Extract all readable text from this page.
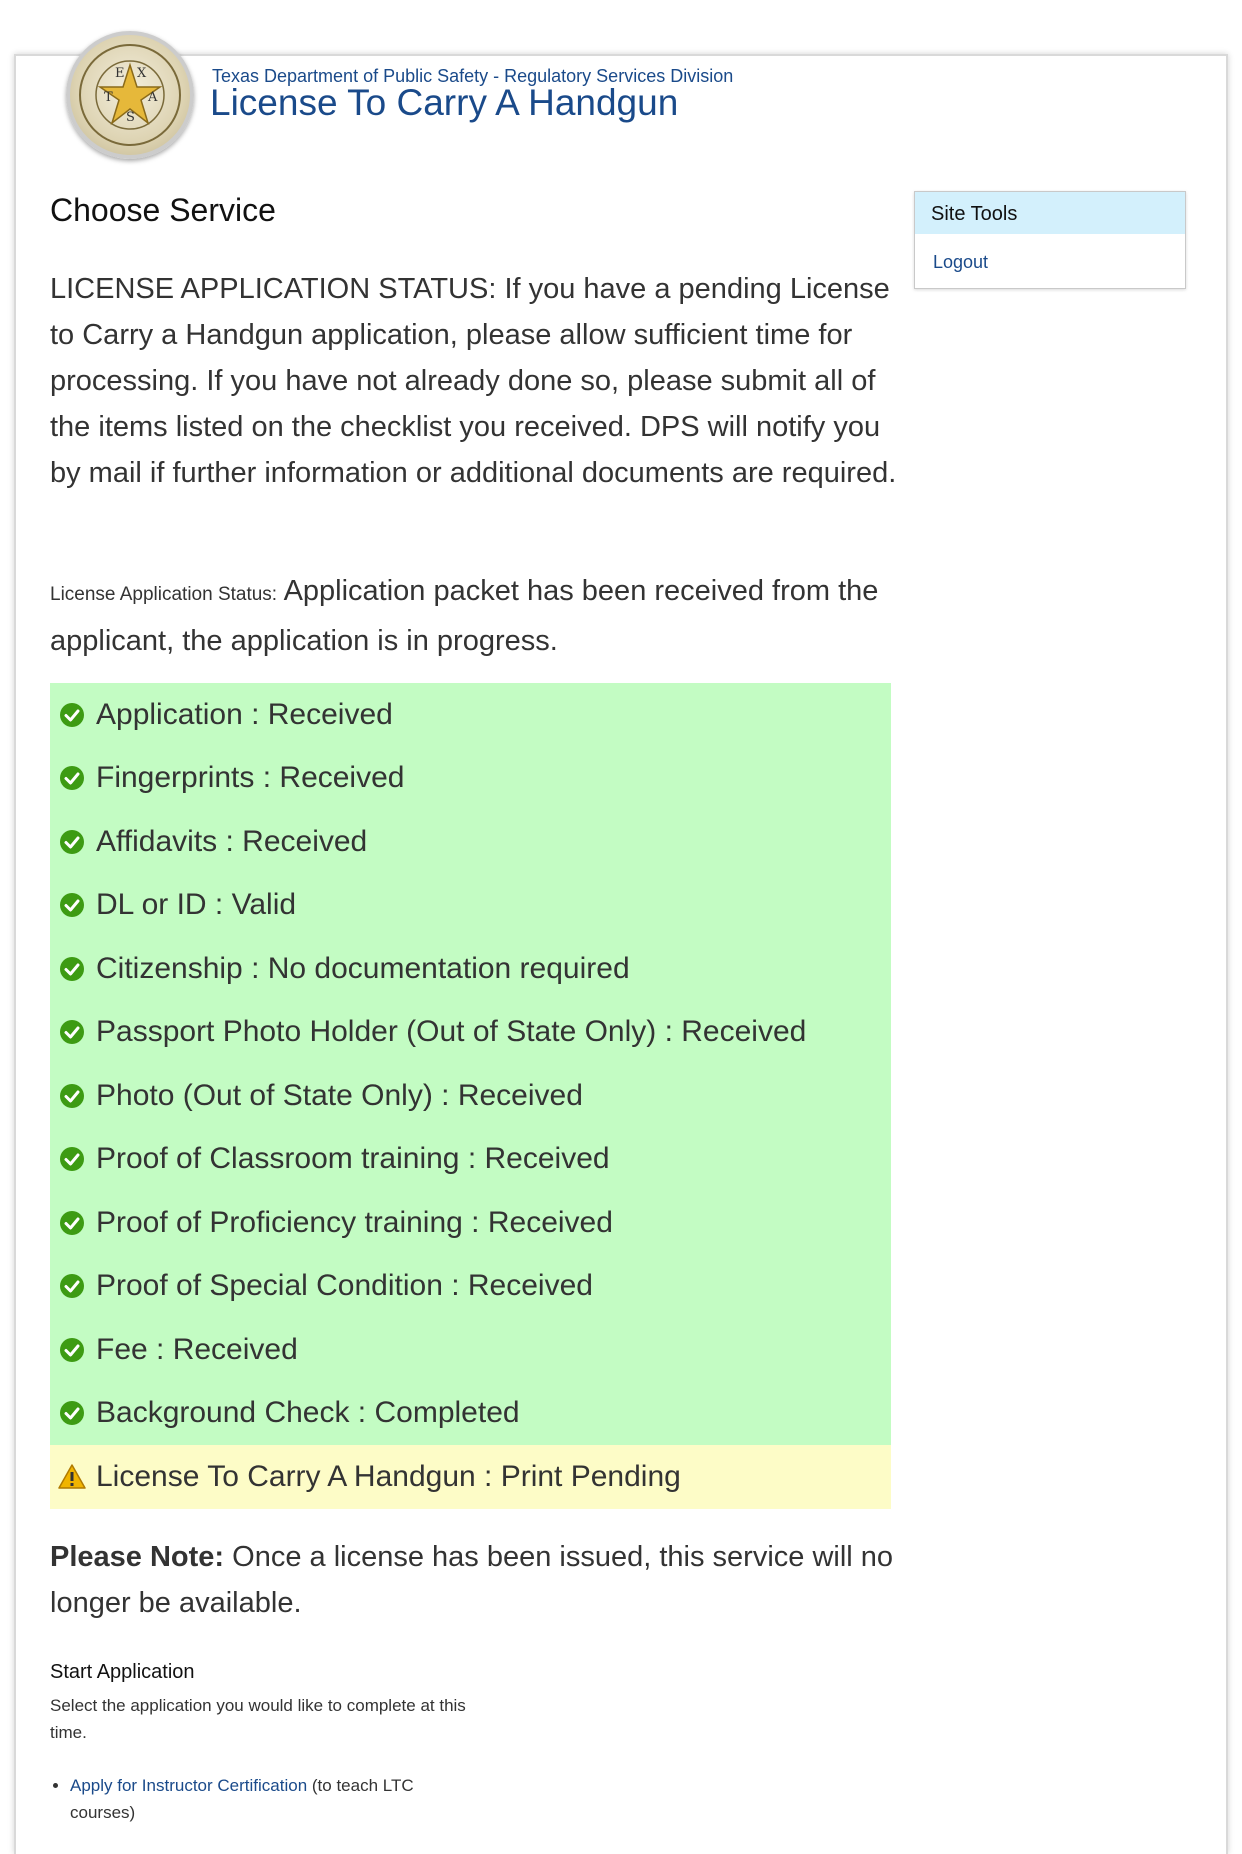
E X
T	A
S
Texas Department of Public Safety - Regulatory Services Division
License To Carry A Handgun
Choose Service
LICENSE APPLICATION STATUS: If you have a pending License to Carry a Handgun application, please allow sufficient time for processing. If you have not already done so, please submit all of the items listed on the checklist you received. DPS will notify you by mail if further information or additional documents are required.
License Application Status: Application packet has been received from the applicant, the application is in progress.
Application : Received
Fingerprints : Received
Affidavits : Received
DL or ID : Valid
Citizenship : No documentation required
Passport Photo Holder (Out of State Only) : Received
Photo (Out of State Only) : Received
Proof of Classroom training : Received
Proof of Proficiency training : Received
Proof of Special Condition : Received
Fee : Received
Background Check : Completed
License To Carry A Handgun : Print Pending
Please Note: Once a license has been issued, this service will no longer be available.
Start Application
Select the application you would like to complete at this time.
• Apply for Instructor Certification (to teach LTC courses)
Site Tools
Logout
